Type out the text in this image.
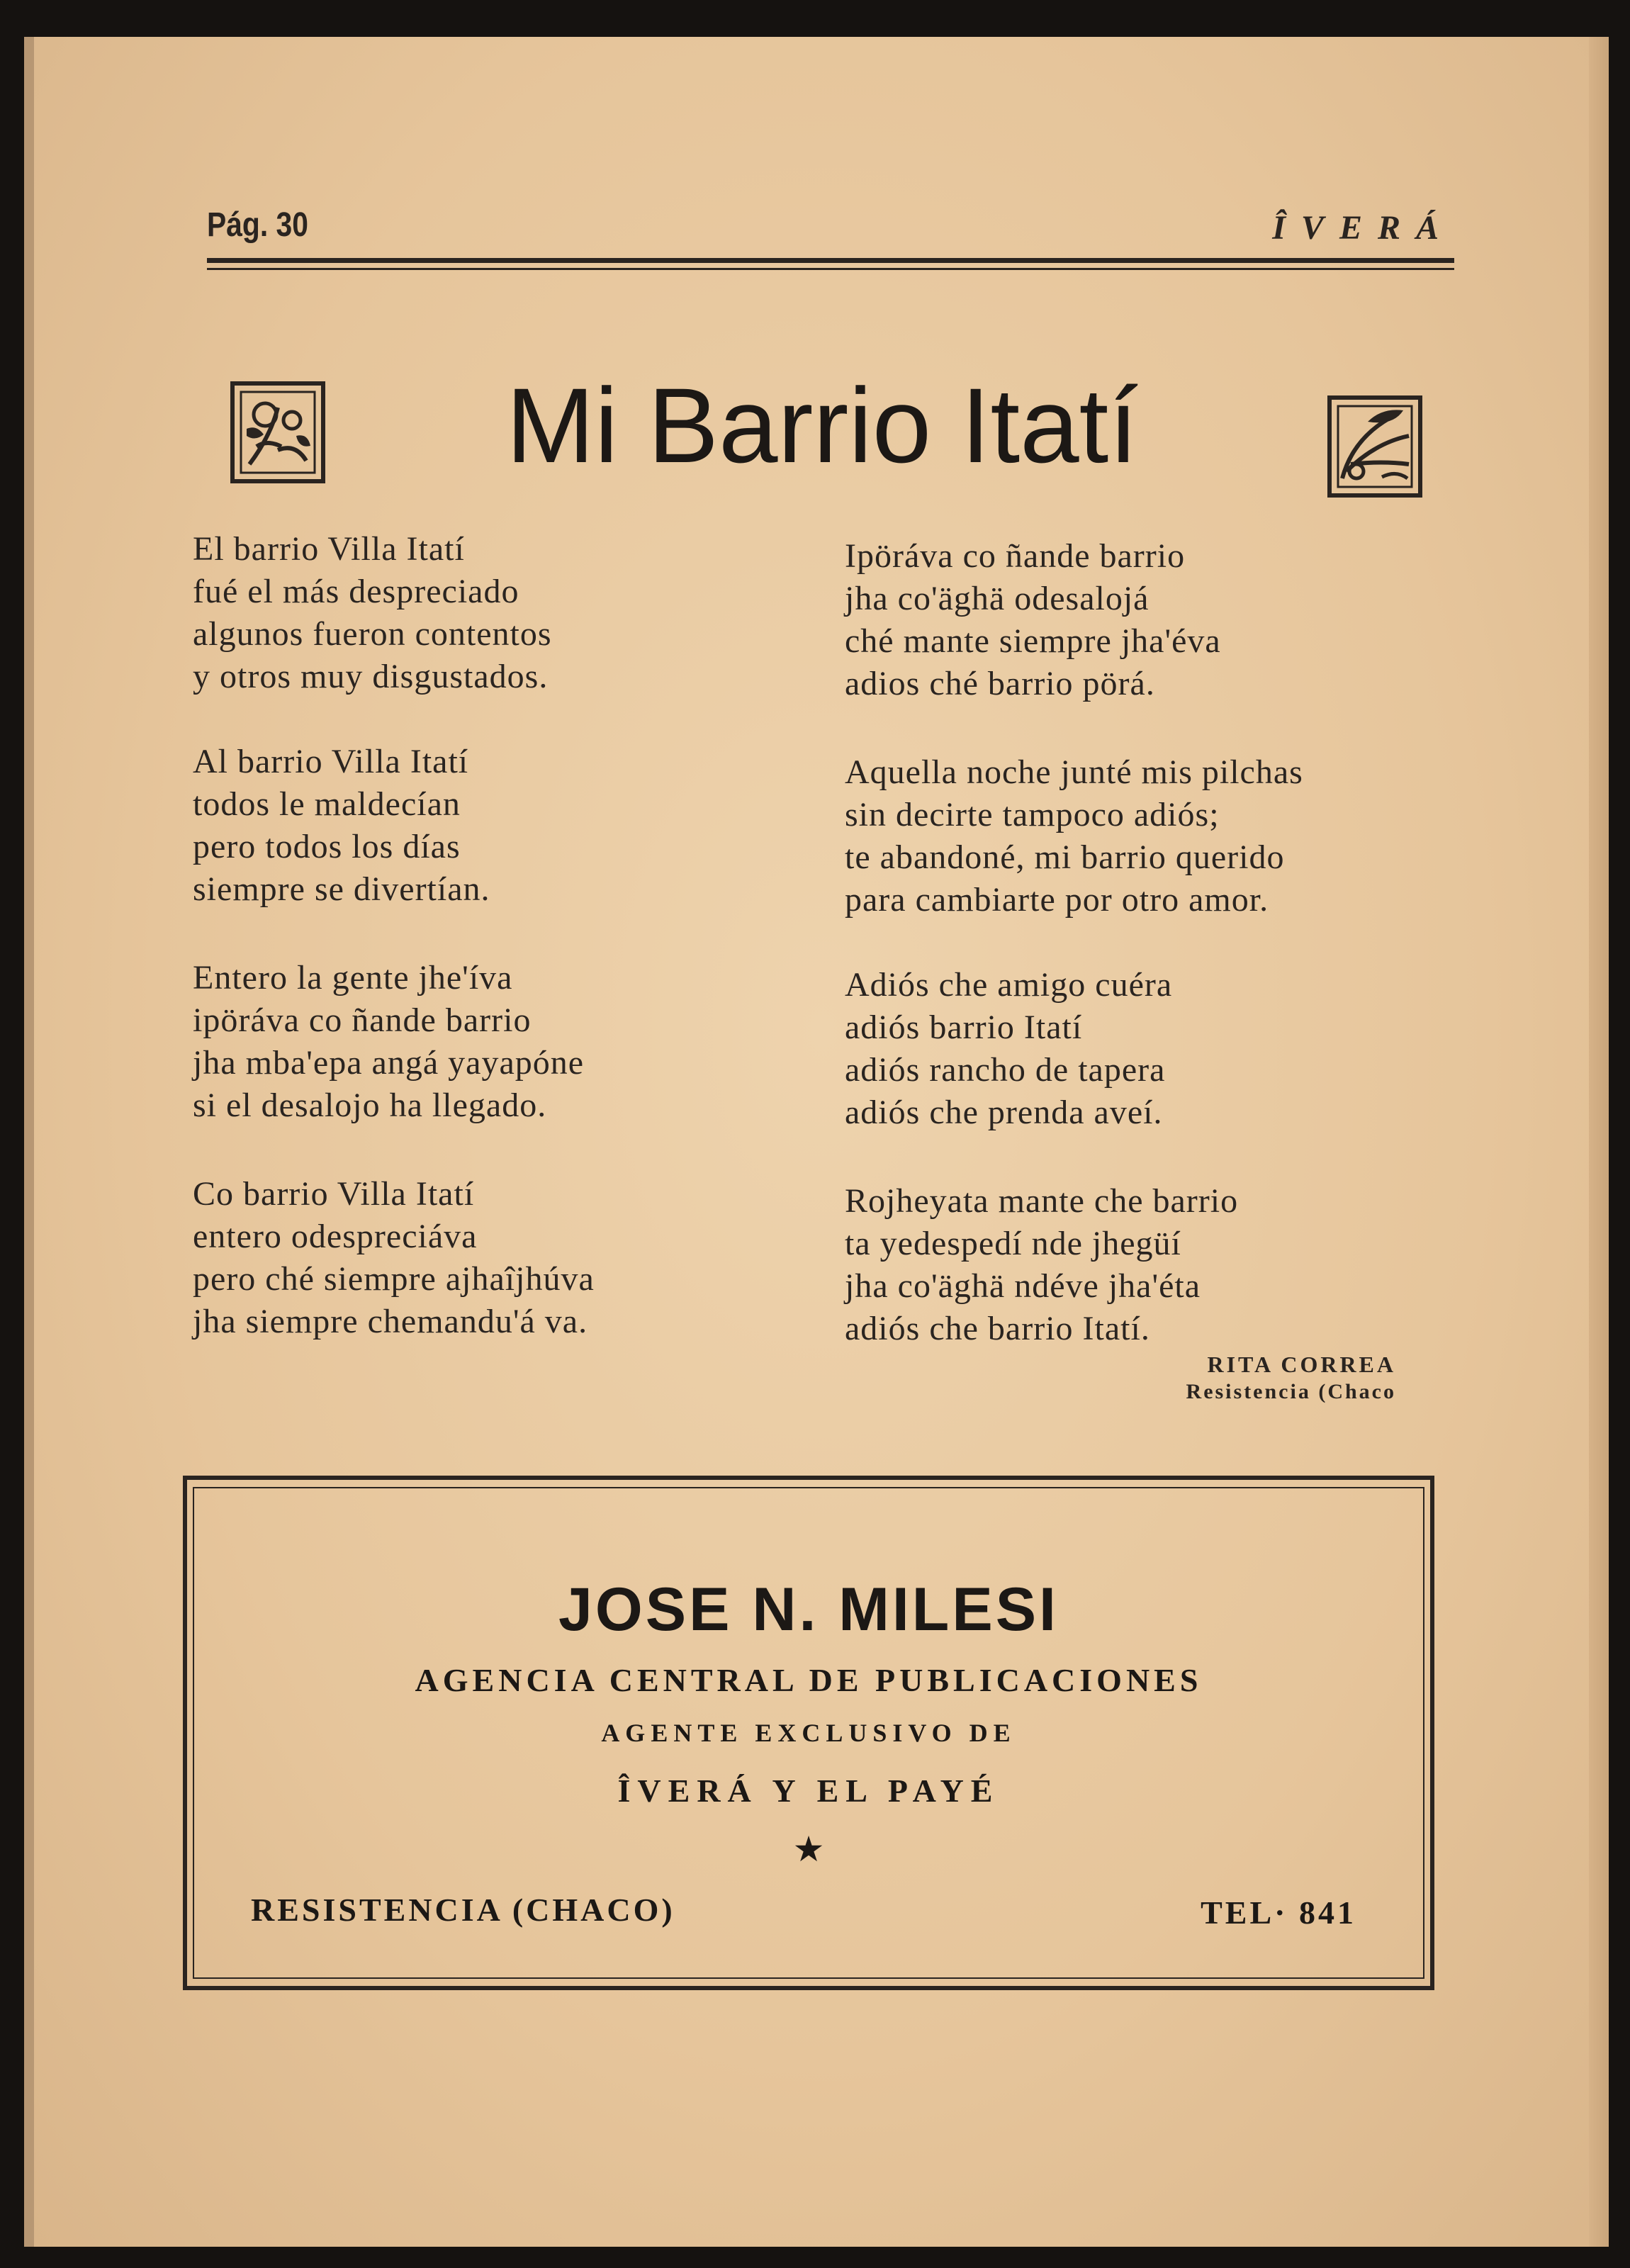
Pág. 30	ÎVERÁ
Mi Barrio Itatí
El barrio Villa Itatí
fué el más despreciado
algunos fueron contentos
y otros muy disgustados.
Al barrio Villa Itatí
todos le maldecían
pero todos los días
siempre se divertían.
Entero la gente jhe'íva
ipöráva co ñande barrio
jha mba'epa angá yayapóne
si el desalojo ha llegado.
Co barrio Villa Itatí
entero odespreciáva
pero ché siempre ajhaîjhúva
jha siempre chemandu'á va.
Ipöráva co ñande barrio
jha co'äghä odesalojá
ché mante siempre jha'éva
adios ché barrio pörá.
Aquella noche junté mis pilchas
sin decirte tampoco adiós;
te abandoné, mi barrio querido
para cambiarte por otro amor.
Adiós che amigo cuéra
adiós barrio Itatí
adiós rancho de tapera
adiós che prenda aveí.
Rojheyata mante che barrio
ta yedespedí nde jhegüí
jha co'äghä ndéve jha'éta
adiós che barrio Itatí.
RITA CORREA
Resistencia (Chaco
JOSE N. MILESI
AGENCIA CENTRAL DE PUBLICACIONES
AGENTE EXCLUSIVO DE
ÎVERÁ Y EL PAYÉ
★
RESISTENCIA (CHACO)	TEL· 841
